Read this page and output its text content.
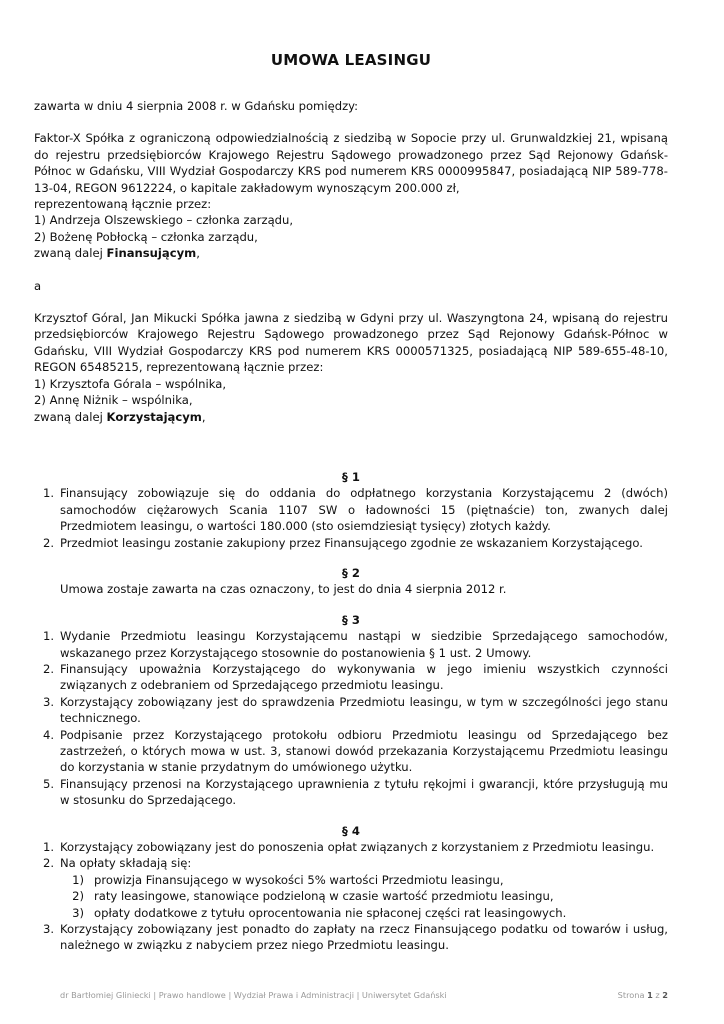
UMOWA LEASINGU

zawarta w dniu 4 sierpnia 2008 r. w Gdańsku pomiędzy:

Faktor-X Spółka z ograniczoną odpowiedzialnością z siedzibą w Sopocie przy ul. Grunwaldzkiej 21, wpisaną do rejestru przedsiębiorców Krajowego Rejestru Sądowego prowadzonego przez Sąd Rejonowy Gdańsk-Północ w Gdańsku, VIII Wydział Gospodarczy KRS pod numerem KRS 0000995847, posiadającą NIP 589-778-13-04, REGON 9612224, o kapitale zakładowym wynoszącym 200.000 zł,

reprezentowaną łącznie przez:

1) Andrzeja Olszewskiego – członka zarządu,

2) Bożenę Pobłocką – członka zarządu,

zwaną dalej Finansującym,

a

Krzysztof Góral, Jan Mikucki Spółka jawna z siedzibą w Gdyni przy ul. Waszyngtona 24, wpisaną do rejestru przedsiębiorców Krajowego Rejestru Sądowego prowadzonego przez Sąd Rejonowy Gdańsk-Północ w Gdańsku, VIII Wydział Gospodarczy KRS pod numerem KRS 0000571325, posiadającą NIP 589-655-48-10, REGON 65485215, reprezentowaną łącznie przez:

1) Krzysztofa Górala – wspólnika,

2) Annę Niżnik – wspólnika,

zwaną dalej Korzystającym,

§ 1

1. Finansujący zobowiązuje się do oddania do odpłatnego korzystania Korzystającemu 2 (dwóch) samochodów ciężarowych Scania 1107 SW o ładowności 15 (piętnaście) ton, zwanych dalej Przedmiotem leasingu, o wartości 180.000 (sto osiemdziesiąt tysięcy) złotych każdy.
2. Przedmiot leasingu zostanie zakupiony przez Finansującego zgodnie ze wskazaniem Korzystającego.

§ 2

Umowa zostaje zawarta na czas oznaczony, to jest do dnia 4 sierpnia 2012 r.

§ 3

1. Wydanie Przedmiotu leasingu Korzystającemu nastąpi w siedzibie Sprzedającego samochodów, wskazanego przez Korzystającego stosownie do postanowienia § 1 ust. 2 Umowy.
2. Finansujący upoważnia Korzystającego do wykonywania w jego imieniu wszystkich czynności związanych z odebraniem od Sprzedającego przedmiotu leasingu.
3. Korzystający zobowiązany jest do sprawdzenia Przedmiotu leasingu, w tym w szczególności jego stanu technicznego.
4. Podpisanie przez Korzystającego protokołu odbioru Przedmiotu leasingu od Sprzedającego bez zastrzeżeń, o których mowa w ust. 3, stanowi dowód przekazania Korzystającemu Przedmiotu leasingu do korzystania w stanie przydatnym do umówionego użytku.
5. Finansujący przenosi na Korzystającego uprawnienia z tytułu rękojmi i gwarancji, które przysługują mu w stosunku do Sprzedającego.

§ 4

1. Korzystający zobowiązany jest do ponoszenia opłat związanych z korzystaniem z Przedmiotu leasingu.
2. Na opłaty składają się:
1) prowizja Finansującego w wysokości 5% wartości Przedmiotu leasingu,
2) raty leasingowe, stanowiące podzieloną w czasie wartość przedmiotu leasingu,
3) opłaty dodatkowe z tytułu oprocentowania nie spłaconej części rat leasingowych.
3. Korzystający zobowiązany jest ponadto do zapłaty na rzecz Finansującego podatku od towarów i usług, należnego w związku z nabyciem przez niego Przedmiotu leasingu.
dr Bartłomiej Gliniecki | Prawo handlowe | Wydział Prawa i Administracji | Uniwersytet Gdański	Strona 1 z 2
